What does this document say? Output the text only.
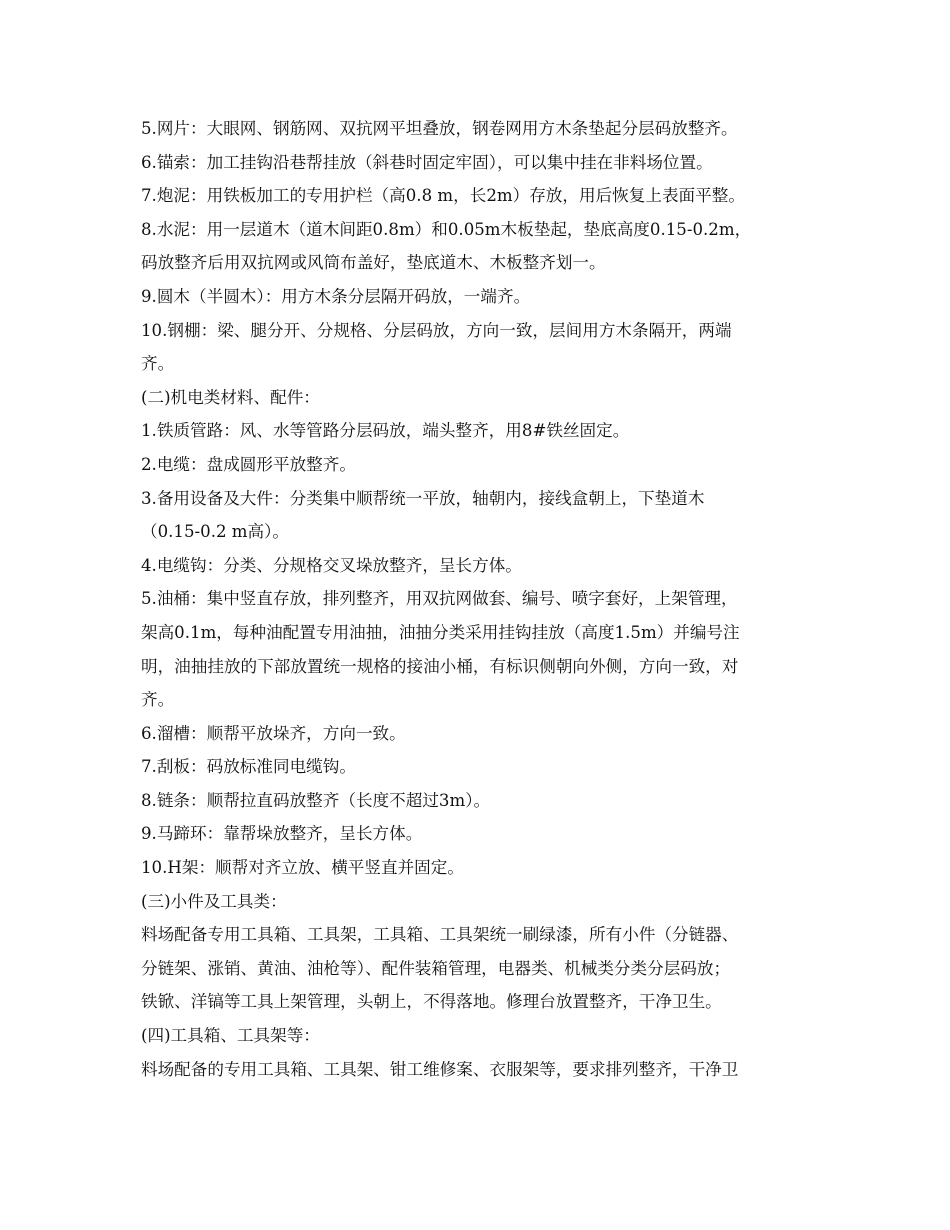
5.网片：大眼网、钢筋网、双抗网平坦叠放，钢卷网用方木条垫起分层码放整齐。
6.锚索：加工挂钩沿巷帮挂放（斜巷时固定牢固），可以集中挂在非料场位置。
7.炮泥：用铁板加工的专用护栏（高0.8 m，长2m）存放，用后恢复上表面平整。
8.水泥：用一层道木（道木间距0.8m）和0.05m木板垫起，垫底高度0.15-0.2m，
码放整齐后用双抗网或风筒布盖好，垫底道木、木板整齐划一。
9.圆木（半圆木）：用方木条分层隔开码放，一端齐。
10.钢棚：梁、腿分开、分规格、分层码放，方向一致，层间用方木条隔开，两端
齐。
(二)机电类材料、配件：
1.铁质管路：风、水等管路分层码放，端头整齐，用8#铁丝固定。
2.电缆：盘成圆形平放整齐。
3.备用设备及大件：分类集中顺帮统一平放，轴朝内，接线盒朝上，下垫道木
（0.15-0.2 m高）。
4.电缆钩：分类、分规格交叉垛放整齐，呈长方体。
5.油桶：集中竖直存放，排列整齐，用双抗网做套、编号、喷字套好，上架管理，
架高0.1m，每种油配置专用油抽，油抽分类采用挂钩挂放（高度1.5m）并编号注
明，油抽挂放的下部放置统一规格的接油小桶，有标识侧朝向外侧，方向一致，对
齐。
6.溜槽：顺帮平放垛齐，方向一致。
7.刮板：码放标准同电缆钩。
8.链条：顺帮拉直码放整齐（长度不超过3m）。
9.马蹄环：靠帮垛放整齐，呈长方体。
10.H架：顺帮对齐立放、横平竖直并固定。
(三)小件及工具类：
料场配备专用工具箱、工具架，工具箱、工具架统一刷绿漆，所有小件（分链器、
分链架、涨销、黄油、油枪等）、配件装箱管理，电器类、机械类分类分层码放；
铁锨、洋镐等工具上架管理，头朝上，不得落地。修理台放置整齐，干净卫生。
(四)工具箱、工具架等：
料场配备的专用工具箱、工具架、钳工维修案、衣服架等，要求排列整齐，干净卫
